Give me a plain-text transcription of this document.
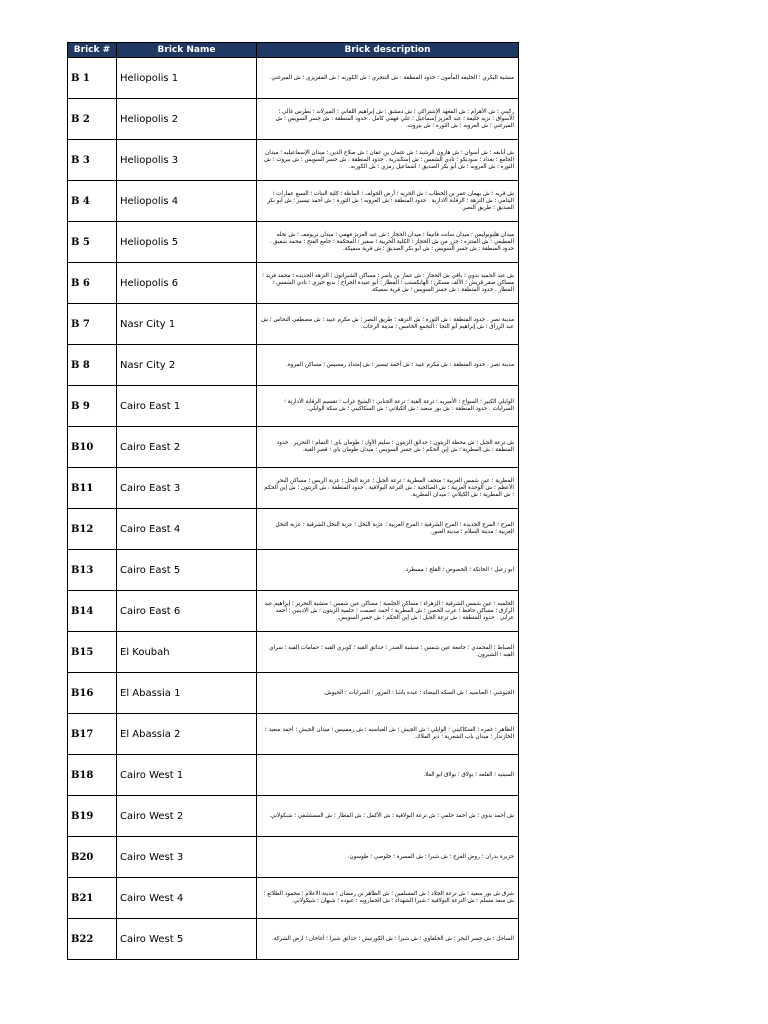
Brick #	Brick Name	Brick description
B 1	Heliopolis 1	منشية البكري ؛ الخليفه المأمون ؛ حدود المنطقة : ش النتجري ؛ ش الكوربه ؛ ش المقريزي ؛ ش الميرغني.
B 2	Heliopolis 2	ركيني ؛ ش الأهرام ؛ ش المعهد الإشتراكي ؛ ش دمشق ؛ ش إبراهيم اللقاني ؛ الميرلاند ؛ بطرس غالي ؛ الأسواق ؛ نزيه خليفة ؛ عبد العزيز إسماعيل ؛ علي فهمي كامل . حدود المنطقة : ش جسر السويس ؛ ش الميرغني ؛ ش العروبه ؛ ش الثوره ؛ ش بيروت.
B 3	Heliopolis 3	ش أبابقه ؛ ش أسوان ؛ ش هارون الرشيد ؛ ش عثمان بن عفان ؛ ش صلاح الدين ؛ ميدان الإسماعيليه ؛ ميدان الجامع ؛ بغداد ؛ سوديكو ؛ نادي الشمس ؛ ش إسكندرية . حدود المنطقة : ش جسر السويس ؛ ش بيروت ؛ ش الثوره ؛ ش العروبه ؛ ش أبو بكر الصديق ؛ اسماعيل رمزي ؛ ش الكوربه.
B 4	Heliopolis 4	ش قريه ؛ ش بهمان عمر بن الخطاب ؛ ش الحريه ؛ أرض الجولف ؛ الماظة ؛ كلية البنات ؛ السبع عمارات ؛ اليتامي ؛ ش النزهة ؛ الرقابة الادارية . حدود المنطقة : ش العروبه ؛ ش الثورة ؛ ش أحمد تيسير ؛ ش أبو بكر الصديق ؛ طريق النصر.
B 5	Heliopolis 5	ميدان هليوبوليس ؛ ميدان سانت فاتيما ؛ ميدان الحجاز ؛ ش عبد العزيز فهمي ؛ ميدان تريومف ؛ ش نخله المطيعي ؛ ش المنتزه ؛ جزر من ش الحجاز ؛ الكلية الحربية ؛ سفير ؛ المحكمة ؛ جامع الفتح ؛ محمد شفيق . حدود المنطقة : ش جسر السويس ؛ ش أبو بكر الصديق ؛ ش قرية سميكة.
B 6	Heliopolis 6	ش عبد الحميد بدوي ؛ باقي ش الحجاز ؛ ش عمار بن ياسر ؛ مساكن الشيراتون ؛ النزهه الجديده ؛ محمد فريد ؛ مساكن صقر قريش ؛ الألف مسكن ؛ الهايكستب ؛ المطار ؛ أبو عبيدة الجراح ؛ بديع خيري ؛ نادي الشمس ؛ المطار . حدود المنطقة : ش جسر السويس ؛ ش قرية سميكة.
B 7	Nasr City 1	مدينة نصر . حدود المنطقة : ش الثوره ؛ ش النزهه ؛ طريق النصر ؛ ش مكرم عبيد ؛ ش مصطفى النحاس ؛ ش عبد الرزاق ؛ ش إبراهيم أبو النجا ؛ التجمع الخامس ؛ مدينة الرحاب.
B 8	Nasr City 2	مدينة نصر . حدود المنطقة : ش مكرم عبيد ؛ ش أحمد تيسير ؛ ش إمتداد رمسيس ؛ مساكن المروة.
B 9	Cairo East 1	الوايلي الكبير ؛ السواح ؛ الأميريه ؛ ترعة القبة ؛ ترعة الجنابي ؛ الشيخ غراب ؛ تقسيم الرقابة الادارية ؛ السرايات . حدود المنطقة : ش بور سعيد ؛ ش الكيلاني ؛ ش السكاكيني ؛ ش سكة الوايلي.
B10	Cairo East 2	ش ترعة الجبل ؛ ش محطة الزيتون ؛ حدائق الزيتون ؛ سليم الأول ؛ طومان باي ؛ التمام ؛ التحرير . حدود المنطقة : ش المطرية ؛ ش إبن الحكم ؛ ش جسر السويس ؛ ميدان طومان باي ؛ قصر القبة.
B11	Cairo East 3	المطرية ؛ عين شمس الغربية ؛ متحف المطرية ؛ ترعة الجبل ؛ عزبة النخل ؛ عزبة الريس ؛ مساكن البحر الأعظم ؛ ش الوحدة العربية ؛ ش الصالحية ؛ ش الترعة البولاقية . حدود المنطقة : ش الزيتون ؛ ش إبن الحكم ؛ ش المطرية ؛ ش الكيلاني ؛ ميدان المطرية.
B12	Cairo East 4	المرج ؛ المرج الجديدة ؛ المرج الشرقية ؛ المرج الغربية ؛ عزبة النخل ؛ عزبة النخل الشرقية ؛ عزبة النخل الغربية ؛ مدينة السلام ؛ مدينة العبور.
B13	Cairo East 5	ابو زعبل ؛ الخانكة ؛ الخصوص ؛ القلج ؛ مسطرد.
B14	Cairo East 6	الحلميه ؛ عين شمس الشرقية ؛ الزهراء ؛ مساكن الحلمية ؛ مساكن عين شمس ؛ منشية التحرير ؛ إبراهيم عبد الرازق ؛ مساكن حافظ ؛ عرب الحصن ؛ ش المطرية ؛ أحمد عصمت ؛ حلمية الزيتون ؛ ش الاديبين ؛ أحمد عرابي . حدود المنطقة : ش ترعة الجبل ؛ ش إبن الحكم ؛ ش جسر السويس.
B15	El Koubah	الضباط ؛ المحمدي ؛ جامعة عين شمس ؛ منشية الصدر ؛ حدائق القبه ؛ كوبري القبه ؛ حمامات القبه ؛ سراي القبه ؛ الشبرون.
B16	El Abassia 1	الجيوشي ؛ العباسيه ؛ ش السكه البيضاء ؛ عبده باشا ؛ المرور ؛ السرايات ؛ الجيوش.
B17	El Abassia 2	الظاهر ؛ غمره ؛ السكاكيني ؛ الوايلي ؛ ش الجيش ؛ ش العباسيه ؛ ش رمسيس ؛ ميدان الجيش ؛ أحمد سعيد ؛ الخازندار ؛ ميدان باب الشعرية ؛ دير الملاك.
B18	Cairo West 1	السبتيه ؛ القلعه ؛ بولاق ؛ بولاق ابو العلا.
B19	Cairo West 2	ش أحمد بدوي ؛ ش أحمد حلمي ؛ ش ترعة البولاقية ؛ ش الأكمل ؛ ش المطار ؛ ش المستشفي ؛ شبكولاني.
B20	Cairo West 3	جزيرة بدران ؛ روض الفرج ؛ ش شبرا ؛ ش المسرة ؛ خلوصي ؛ طوسون.
B21	Cairo West 4	شرق ش بور سعيد ؛ ش ترعة الجلاد ؛ ش المسلمين ؛ ش الظاهر بن رمضان ؛ مدينة الاعلام ؛ محمود الطلائع ؛ ش سعد مسلم ؛ ش الترعة البولاقية ؛ شبرا الشهداء ؛ ش الخمارويه ؛ عبوده ؛ شبهان ؛ شيكولاني.
B22	Cairo West 5	الساحل ؛ ش جسر البحر ؛ ش الخلفاوي ؛ ش شبرا ؛ ش الكورنيش ؛ حدائق شبرا ؛ أغاخان ؛ ارض الشركة.
